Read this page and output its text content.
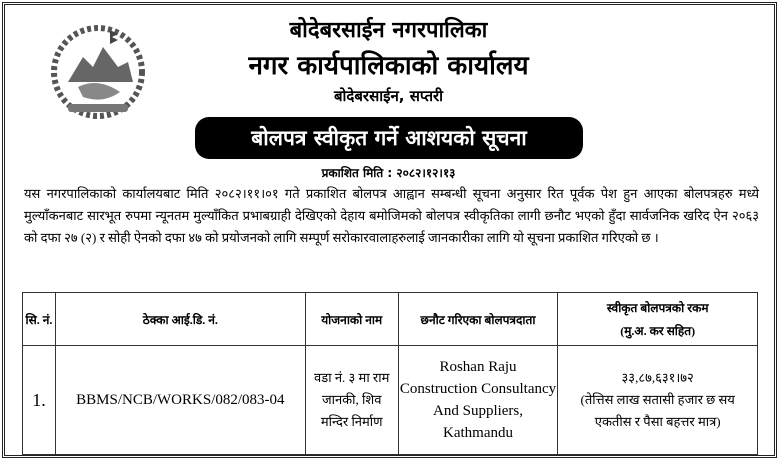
बोदेबरसाईन नगरपालिका
नगर कार्यपालिकाको कार्यालय
बोदेबरसाईन, सप्तरी
बोलपत्र स्वीकृत गर्ने आशयको सूचना
प्रकाशित मिति : २०८२।१२।१३
यस नगरपालिकाको कार्यालयबाट मिति २०८२।११।०१ गते प्रकाशित बोलपत्र आह्वान सम्बन्धी सूचना अनुसार रित पूर्वक पेश हुन आएका बोलपत्रहरु मध्ये मुल्याँकनबाट सारभूत रुपमा न्यूनतम मुल्याँकित प्रभाबग्राही देखिएको देहाय बमोजिमको बोलपत्र स्वीकृतिका लागी छनौट भएको हुँदा सार्वजनिक खरिद ऐन २०६३ को दफा २७ (२) र सोही ऐनको दफा ४७ को प्रयोजनको लागि सम्पूर्ण सरोकारवालाहरुलाई जानकारीका लागि यो सूचना प्रकाशित गरिएको छ ।
सि. नं.	ठेक्का आई.डि. नं.	योजनाको नाम	छनौट गरिएका बोलपत्रदाता	स्वीकृत बोलपत्रको रकम
(मु.अ. कर सहित)

1.	BBMS/NCB/WORKS/082/083-04	वडा नं. ३ मा राम जानकी, शिव मन्दिर निर्माण	Roshan Raju Construction Consultancy And Suppliers, Kathmandu	३३,८७,६३१।७२
(तेत्तिस लाख सतासी हजार छ सय एकतीस र पैसा बहत्तर मात्र)
